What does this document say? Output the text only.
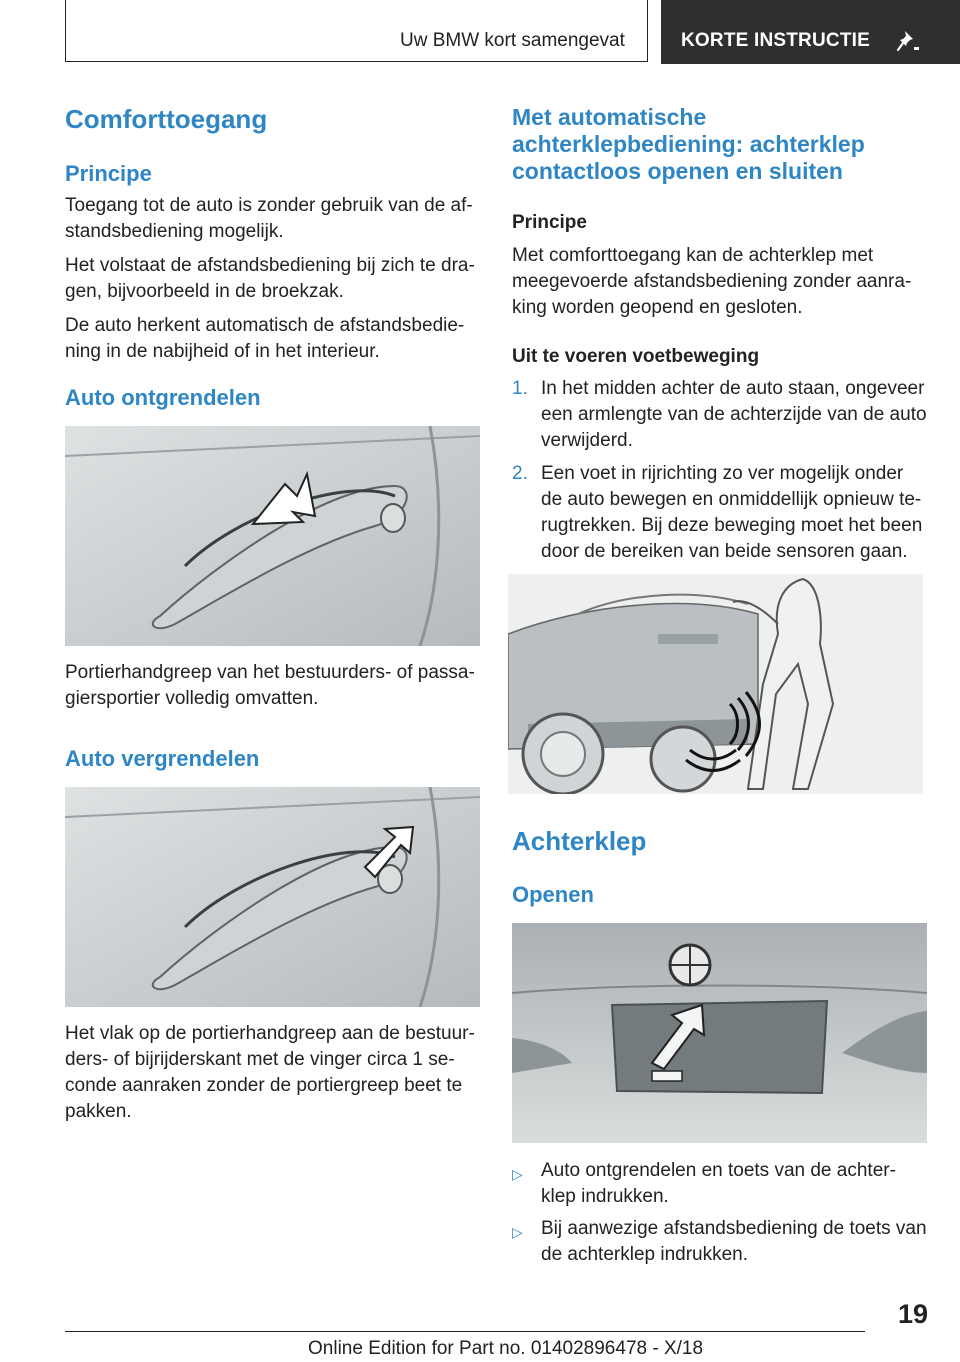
Uw BMW kort samengevat	KORTE INSTRUCTIE
Comforttoegang
Principe
Toegang tot de auto is zonder gebruik van de af-
standsbediening mogelijk.
Het volstaat de afstandsbediening bij zich te dra-
gen, bijvoorbeeld in de broekzak.
De auto herkent automatisch de afstandsbedie-
ning in de nabijheid of in het interieur.
Auto ontgrendelen
Portierhandgreep van het bestuurders- of passa-
giersportier volledig omvatten.
Auto vergrendelen
Het vlak op de portierhandgreep aan de bestuur-
ders- of bijrijderskant met de vinger circa 1 se-
conde aanraken zonder de portiergreep beet te
pakken.
Met automatische
achterklepbediening: achterklep
contactloos openen en sluiten
Principe
Met comforttoegang kan de achterklep met
meegevoerde afstandsbediening zonder aanra-
king worden geopend en gesloten.
Uit te voeren voetbeweging
1. In het midden achter de auto staan, ongeveer
een armlengte van de achterzijde van de auto
verwijderd.
2. Een voet in rijrichting zo ver mogelijk onder
de auto bewegen en onmiddellijk opnieuw te-
rugtrekken. Bij deze beweging moet het been
door de bereiken van beide sensoren gaan.
Achterklep
Openen
▷ Auto ontgrendelen en toets van de achter-
klep indrukken.
▷ Bij aanwezige afstandsbediening de toets van
de achterklep indrukken.
19
Online Edition for Part no. 01402896478 - X/18
